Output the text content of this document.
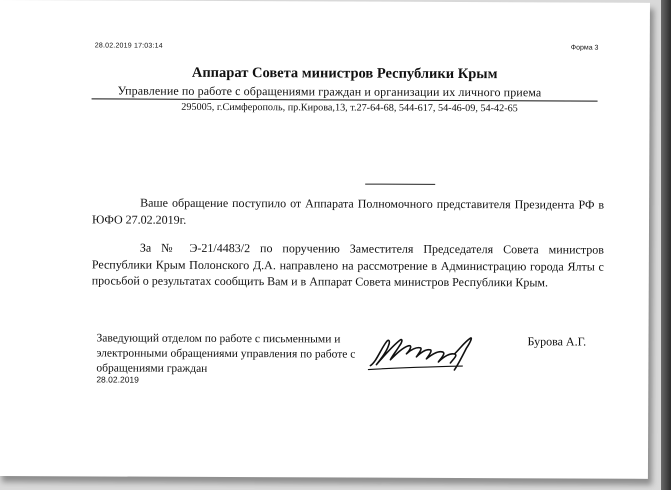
28.02.2019 17:03:14	Форма 3
Аппарат Совета министров Республики Крым
Управление по работе с обращениями граждан и организации их личного приема
295005, г.Симферополь, пр.Кирова,13, т.27-64-68, 544-617, 54-46-09, 54-42-65

Ваше обращение поступило от Аппарата Полномочного представителя Президента РФ в ЮФО 27.02.2019г.

За № Э-21/4483/2 по поручению Заместителя Председателя Совета министров Республики Крым Полонского Д.А. направлено на рассмотрение в Администрацию города Ялты с просьбой о результатах сообщить Вам и в Аппарат Совета министров Республики Крым.

Заведующий отделом по работе с письменными и электронными обращениями управления по работе с обращениями граждан
28.02.2019
Бурова А.Г.
